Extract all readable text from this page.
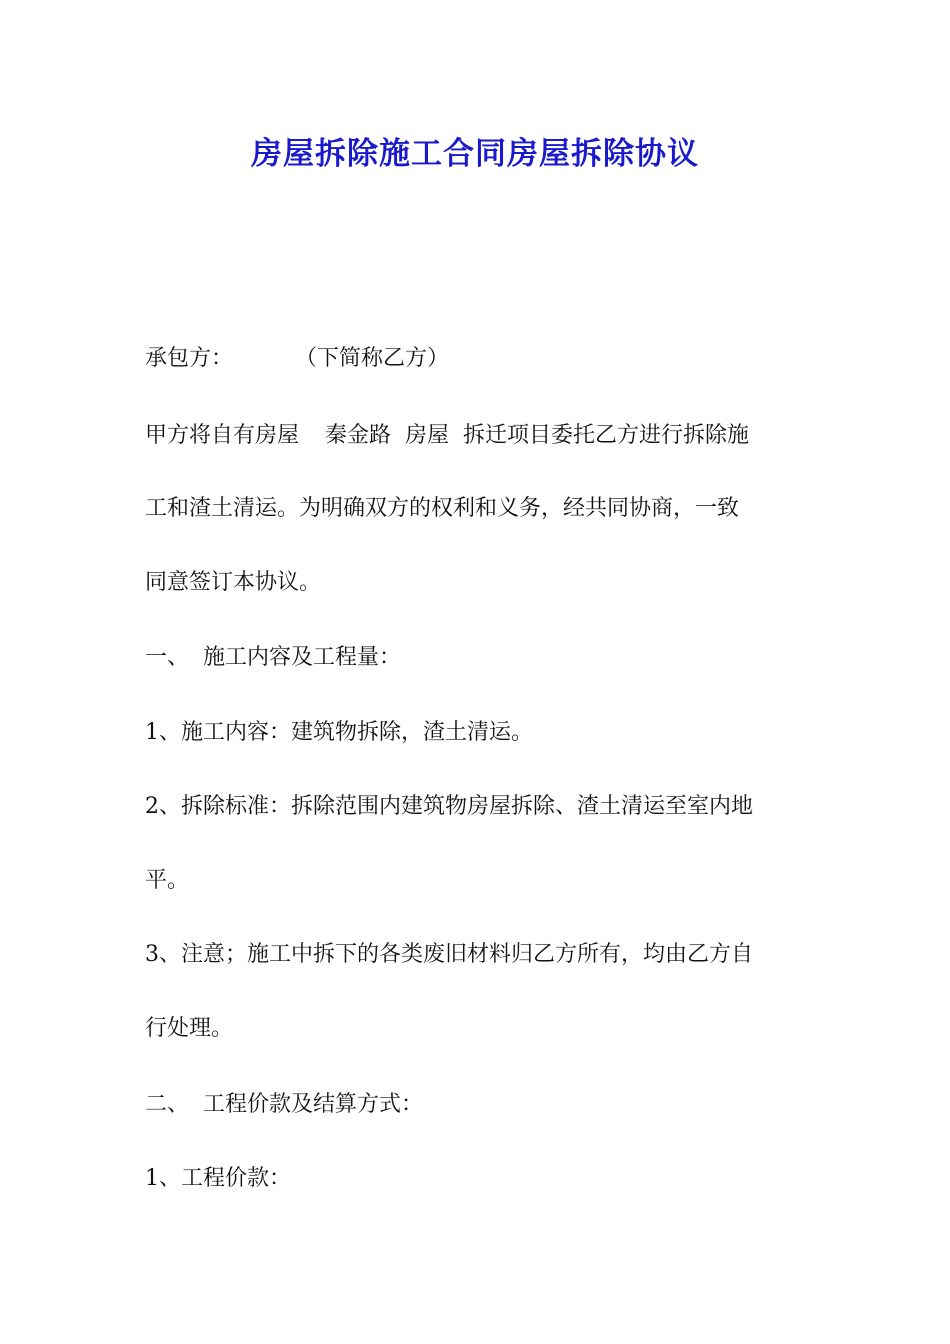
房屋拆除施工合同房屋拆除协议

承包方：	（下简称乙方）

甲方将自有房屋 秦金路 房屋 拆迁项目委托乙方进行拆除施

工和渣土清运。为明确双方的权利和义务，经共同协商，一致

同意签订本协议。

一、 施工内容及工程量：

1、施工内容：建筑物拆除，渣土清运。

2、拆除标准：拆除范围内建筑物房屋拆除、渣土清运至室内地

平。

3、注意；施工中拆下的各类废旧材料归乙方所有，均由乙方自

行处理。

二、 工程价款及结算方式：

1、工程价款：
